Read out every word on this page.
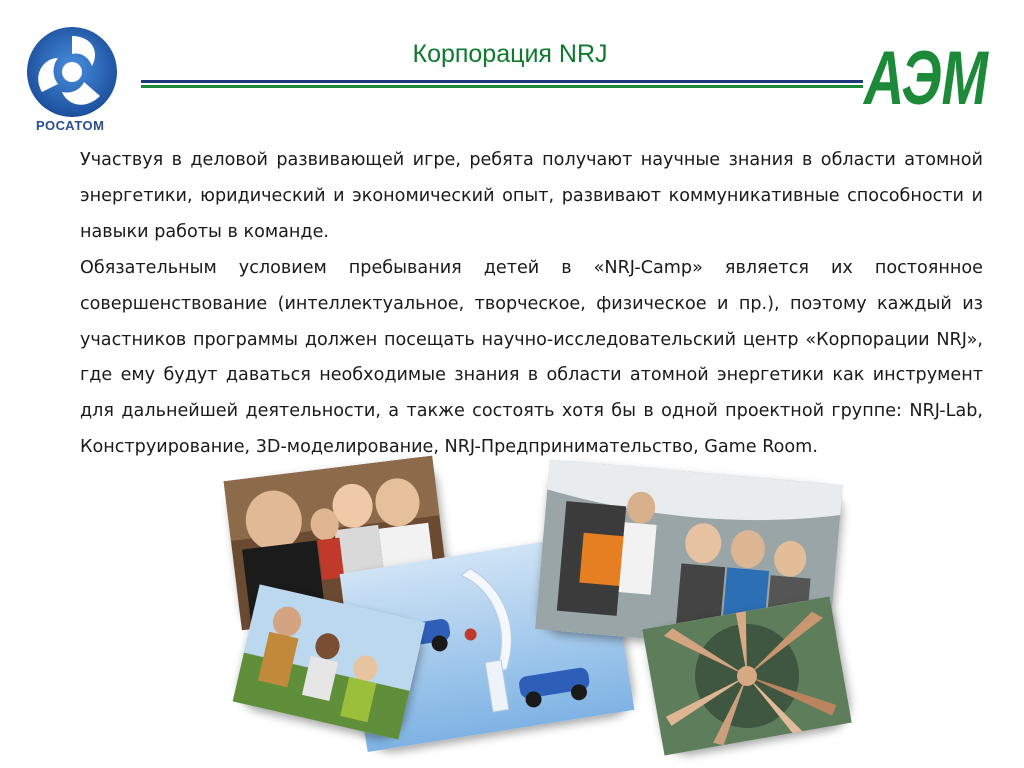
РОСАТОМ
Корпорация NRJ	АЭМ

Участвуя в деловой развивающей игре, ребята получают научные знания в области атомной энергетики, юридический и экономический опыт, развивают коммуникативные способности и навыки работы в команде.

Обязательным условием пребывания детей в «NRJ-Camp» является их постоянное совершенствование (интеллектуальное, творческое, физическое и пр.), поэтому каждый из участников программы должен посещать научно-исследовательский центр «Корпорации NRJ», где ему будут даваться необходимые знания в области атомной энергетики как инструмент для дальнейшей деятельности, а также состоять хотя бы в одной проектной группе: NRJ-Lab, Конструирование, 3D-моделирование, NRJ-Предпринимательство, Game Room.
